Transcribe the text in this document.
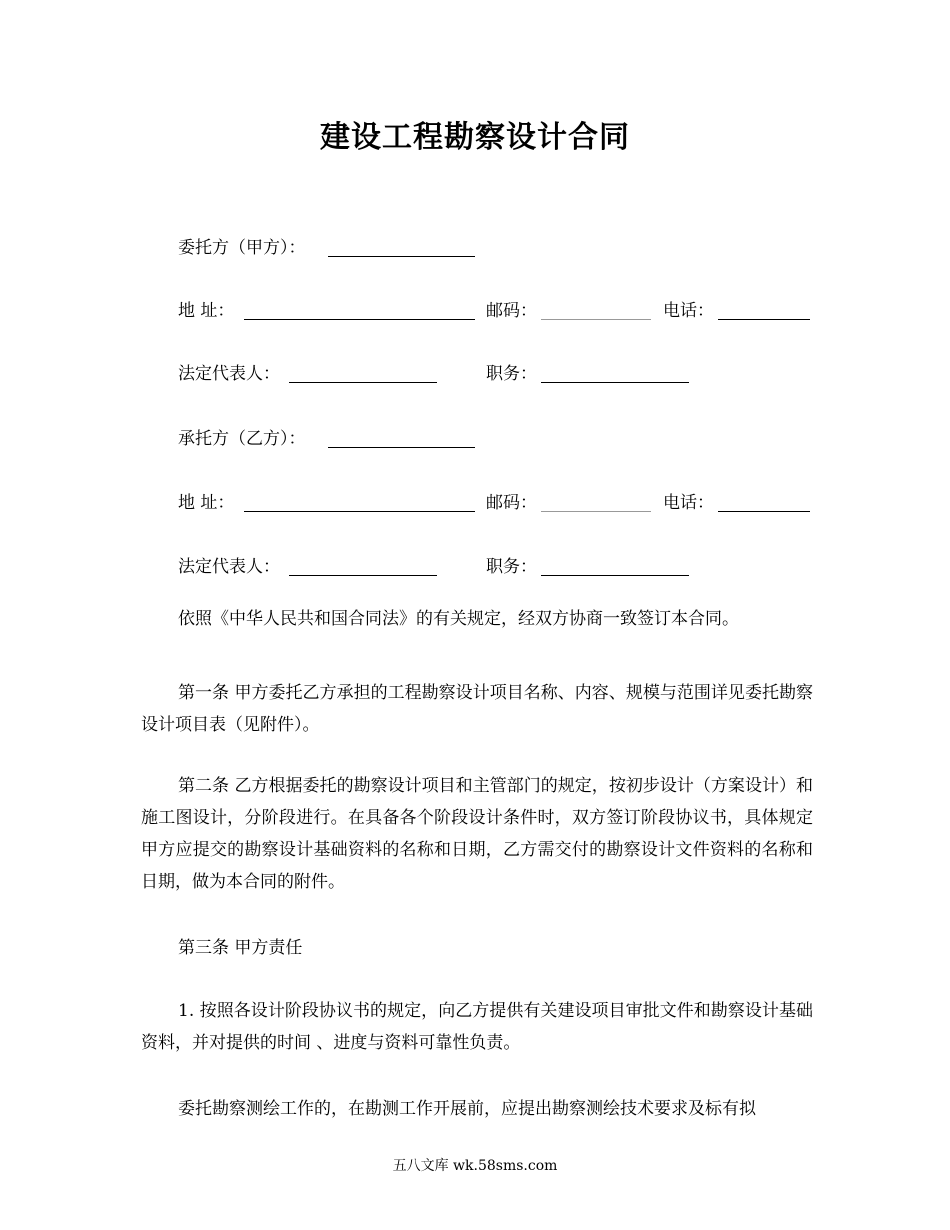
建设工程勘察设计合同
委托方（甲方）：
地 址：	邮码：	电话：
法定代表人：	职务：
承托方（乙方）：
地 址：	邮码：	电话：
法定代表人：	职务：

依照《中华人民共和国合同法》的有关规定，经双方协商一致签订本合同。

第一条 甲方委托乙方承担的工程勘察设计项目名称、内容、规模与范围详见委托勘察设计项目表（见附件）。

第二条 乙方根据委托的勘察设计项目和主管部门的规定，按初步设计（方案设计）和施工图设计，分阶段进行。在具备各个阶段设计条件时，双方签订阶段协议书，具体规定甲方应提交的勘察设计基础资料的名称和日期，乙方需交付的勘察设计文件资料的名称和日期，做为本合同的附件。

第三条 甲方责任

1. 按照各设计阶段协议书的规定，向乙方提供有关建设项目审批文件和勘察设计基础资料，并对提供的时间 、进度与资料可靠性负责。

委托勘察测绘工作的，在勘测工作开展前，应提出勘察测绘技术要求及标有拟

五八文库 wk.58sms.com
